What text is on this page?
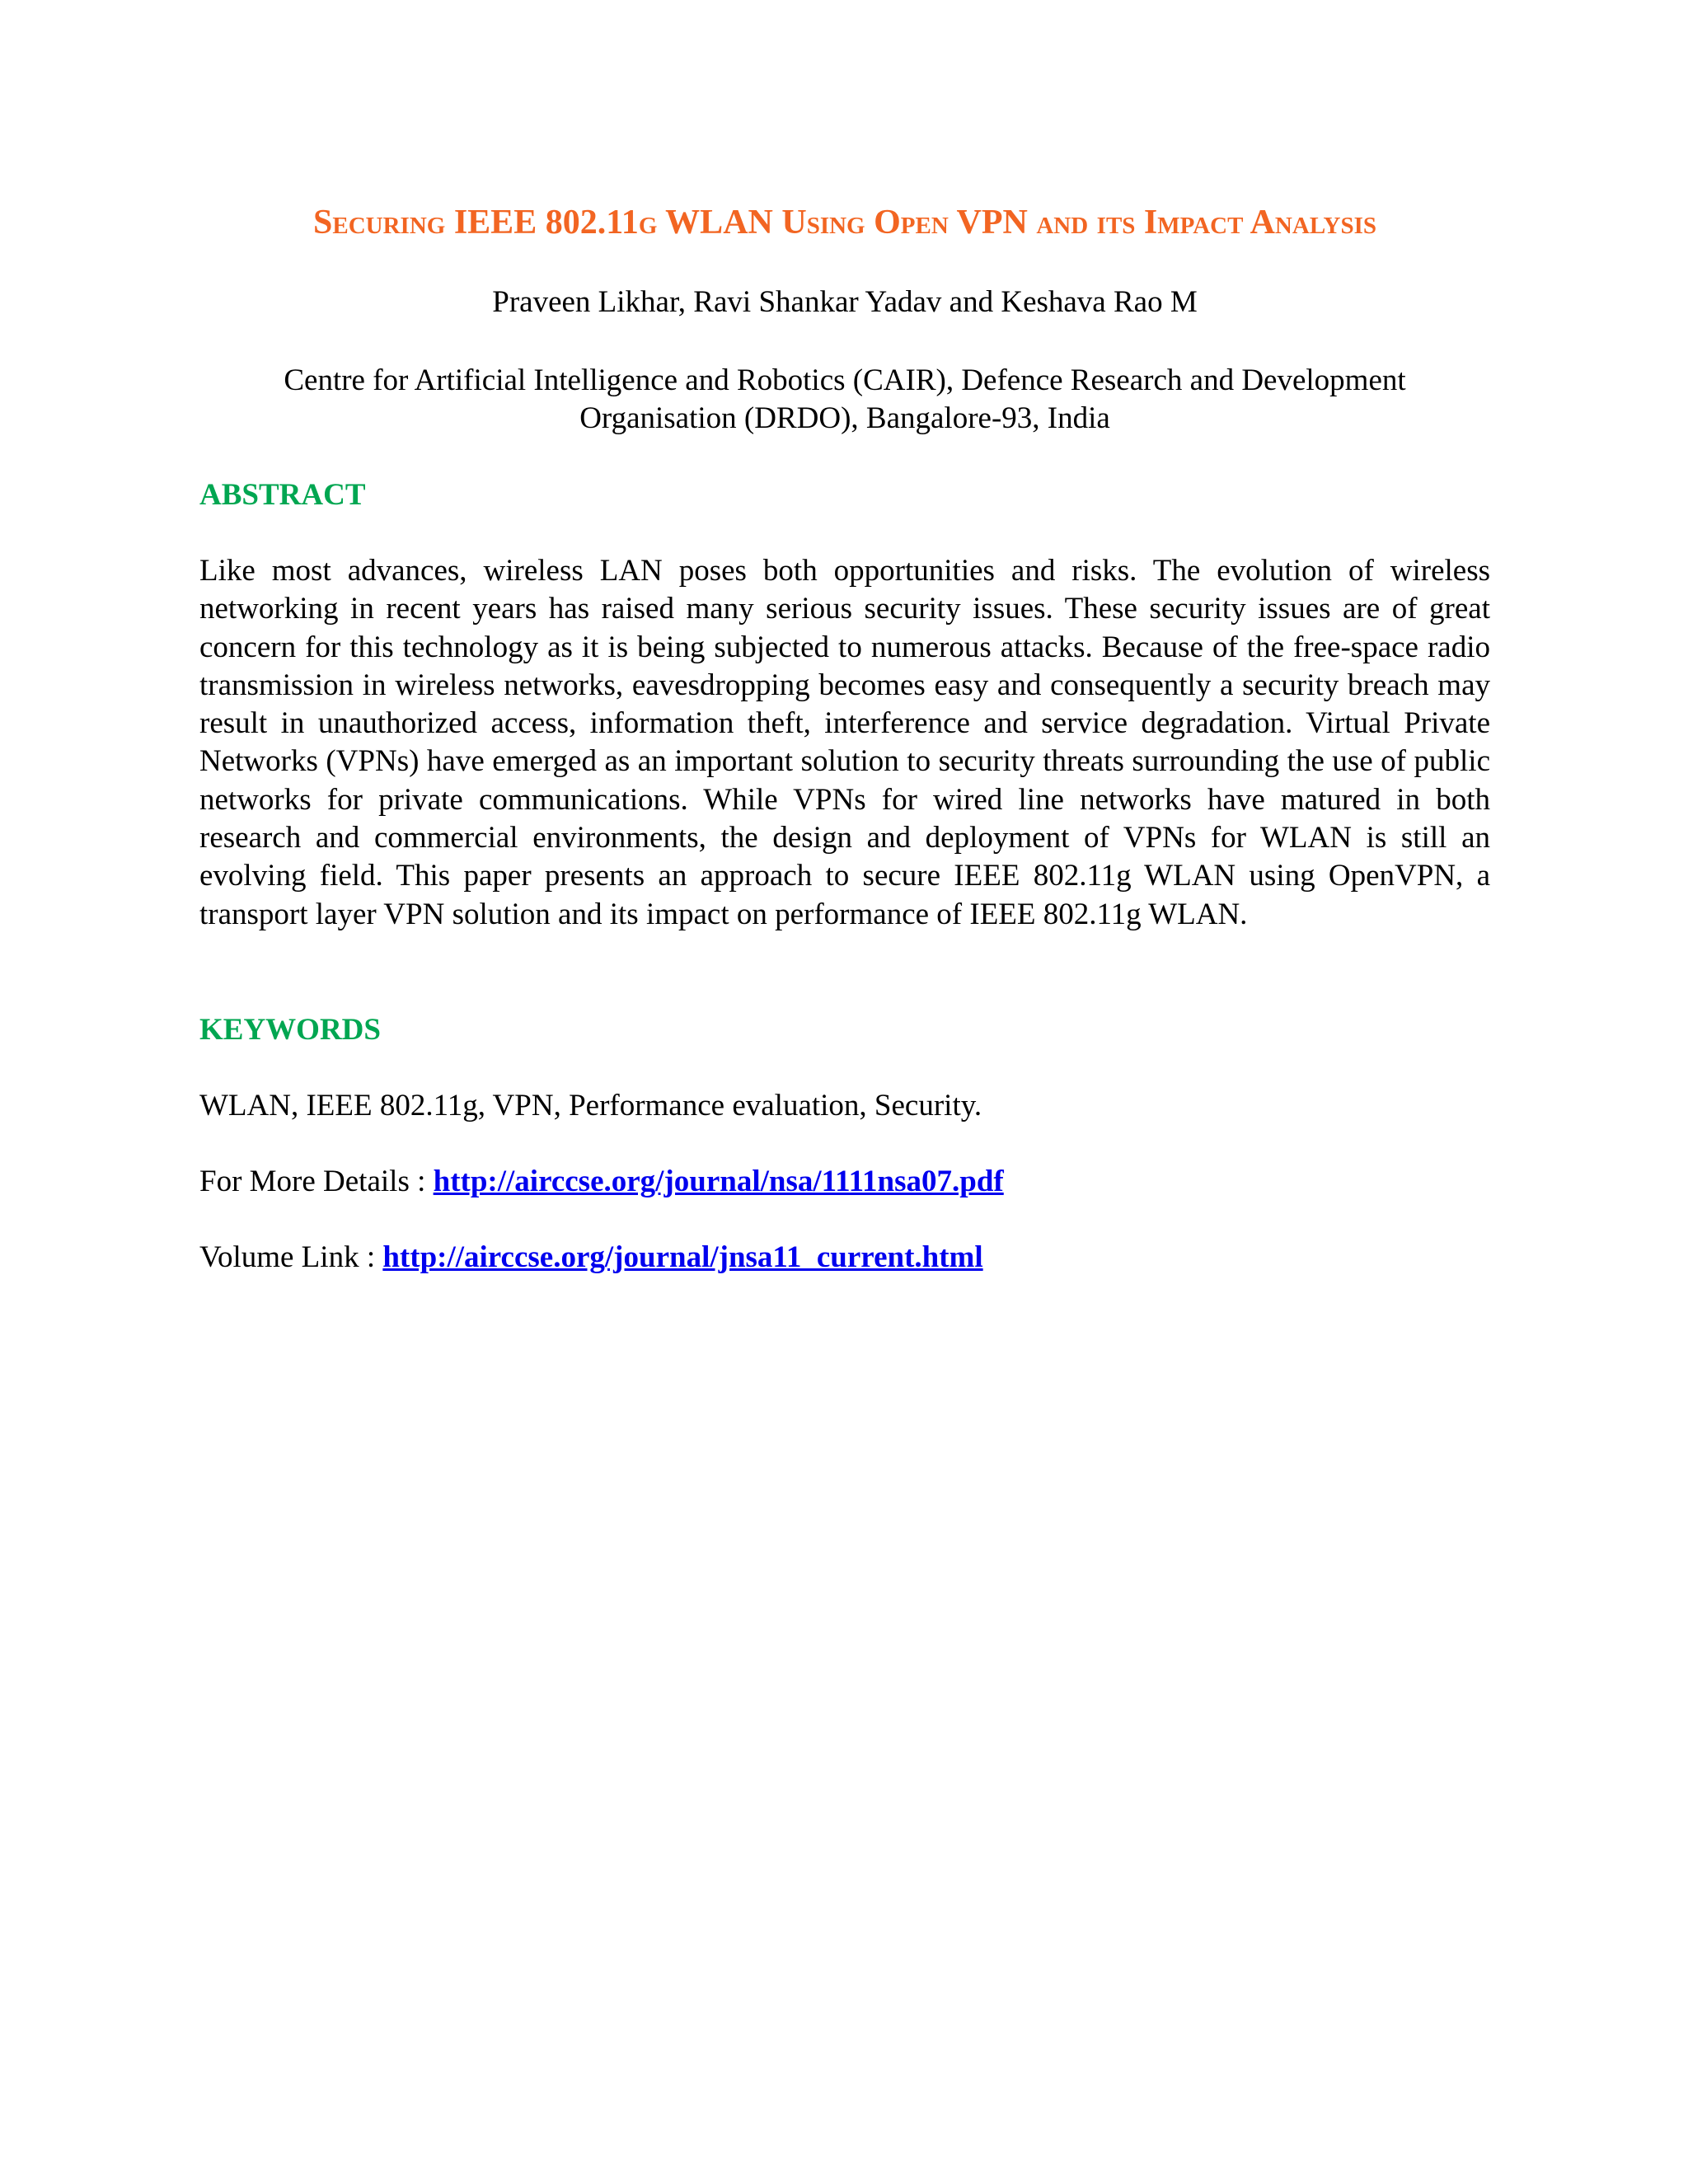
Securing IEEE 802.11g WLAN Using Open VPN and its Impact Analysis
Praveen Likhar, Ravi Shankar Yadav and Keshava Rao M
Centre for Artificial Intelligence and Robotics (CAIR), Defence Research and Development
Organisation (DRDO), Bangalore-93, India
ABSTRACT
Like most advances, wireless LAN poses both opportunities and risks. The evolution of wireless networking in recent years has raised many serious security issues. These security issues are of great concern for this technology as it is being subjected to numerous attacks. Because of the free-space radio transmission in wireless networks, eavesdropping becomes easy and consequently a security breach may result in unauthorized access, information theft, interference and service degradation. Virtual Private Networks (VPNs) have emerged as an important solution to security threats surrounding the use of public networks for private communications. While VPNs for wired line networks have matured in both research and commercial environments, the design and deployment of VPNs for WLAN is still an evolving field. This paper presents an approach to secure IEEE 802.11g WLAN using OpenVPN, a transport layer VPN solution and its impact on performance of IEEE 802.11g WLAN.
KEYWORDS
WLAN, IEEE 802.11g, VPN, Performance evaluation, Security.
For More Details : http://airccse.org/journal/nsa/1111nsa07.pdf
Volume Link : http://airccse.org/journal/jnsa11_current.html
